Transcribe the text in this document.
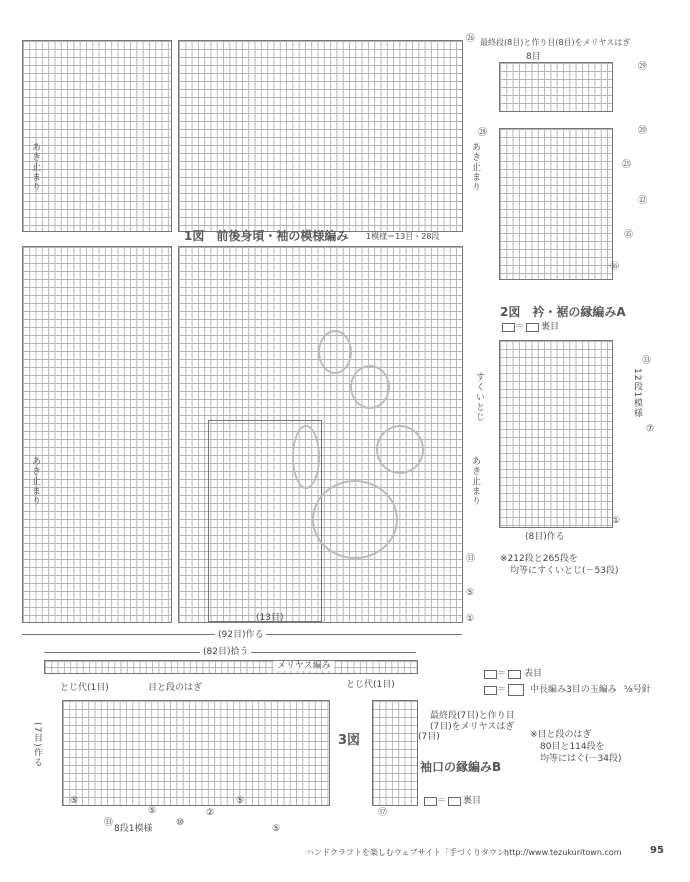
1図　前後身頃・袖の模様編み 1模様＝13目・28段
あき止まり
あき止まり
あき止まり
あき止まり
(13目)
(92目)作る
㉖
㉘
⑬
⑤
①
最終段(8目)と作り目(8目)をメリヤスはぎ
8目
2図　衿・裾の縁編みA
＝ 裏目
12段1模様
すくいとじ
(8目)作る
※212段と265段を
均等にすくいとじ(－53段)
㉙
⑳
㉕
⑫
⑮
⑯
⑬
⑦
①
(82目)拾う
メリヤス編み
とじ代(1目)	目と段のはぎ	とじ代(1目)
(7目)作る	(7目)
3図
最終段(7目)と作り目
(7目)をメリヤスはぎ
袖口の縁編みB
＝ 裏目
8段1模様
⑤
⑬
⑤
⑩
②
⑤
⑤
⑰
＝ 表目
＝	中長編み3目の玉編み ⅝号針
※目と段のはぎ
80目と114段を
均等にはぐ(－34段)
ハンドクラフトを楽しむウェブサイト「手づくりタウン」
http://www.tezukuritown.com	95
